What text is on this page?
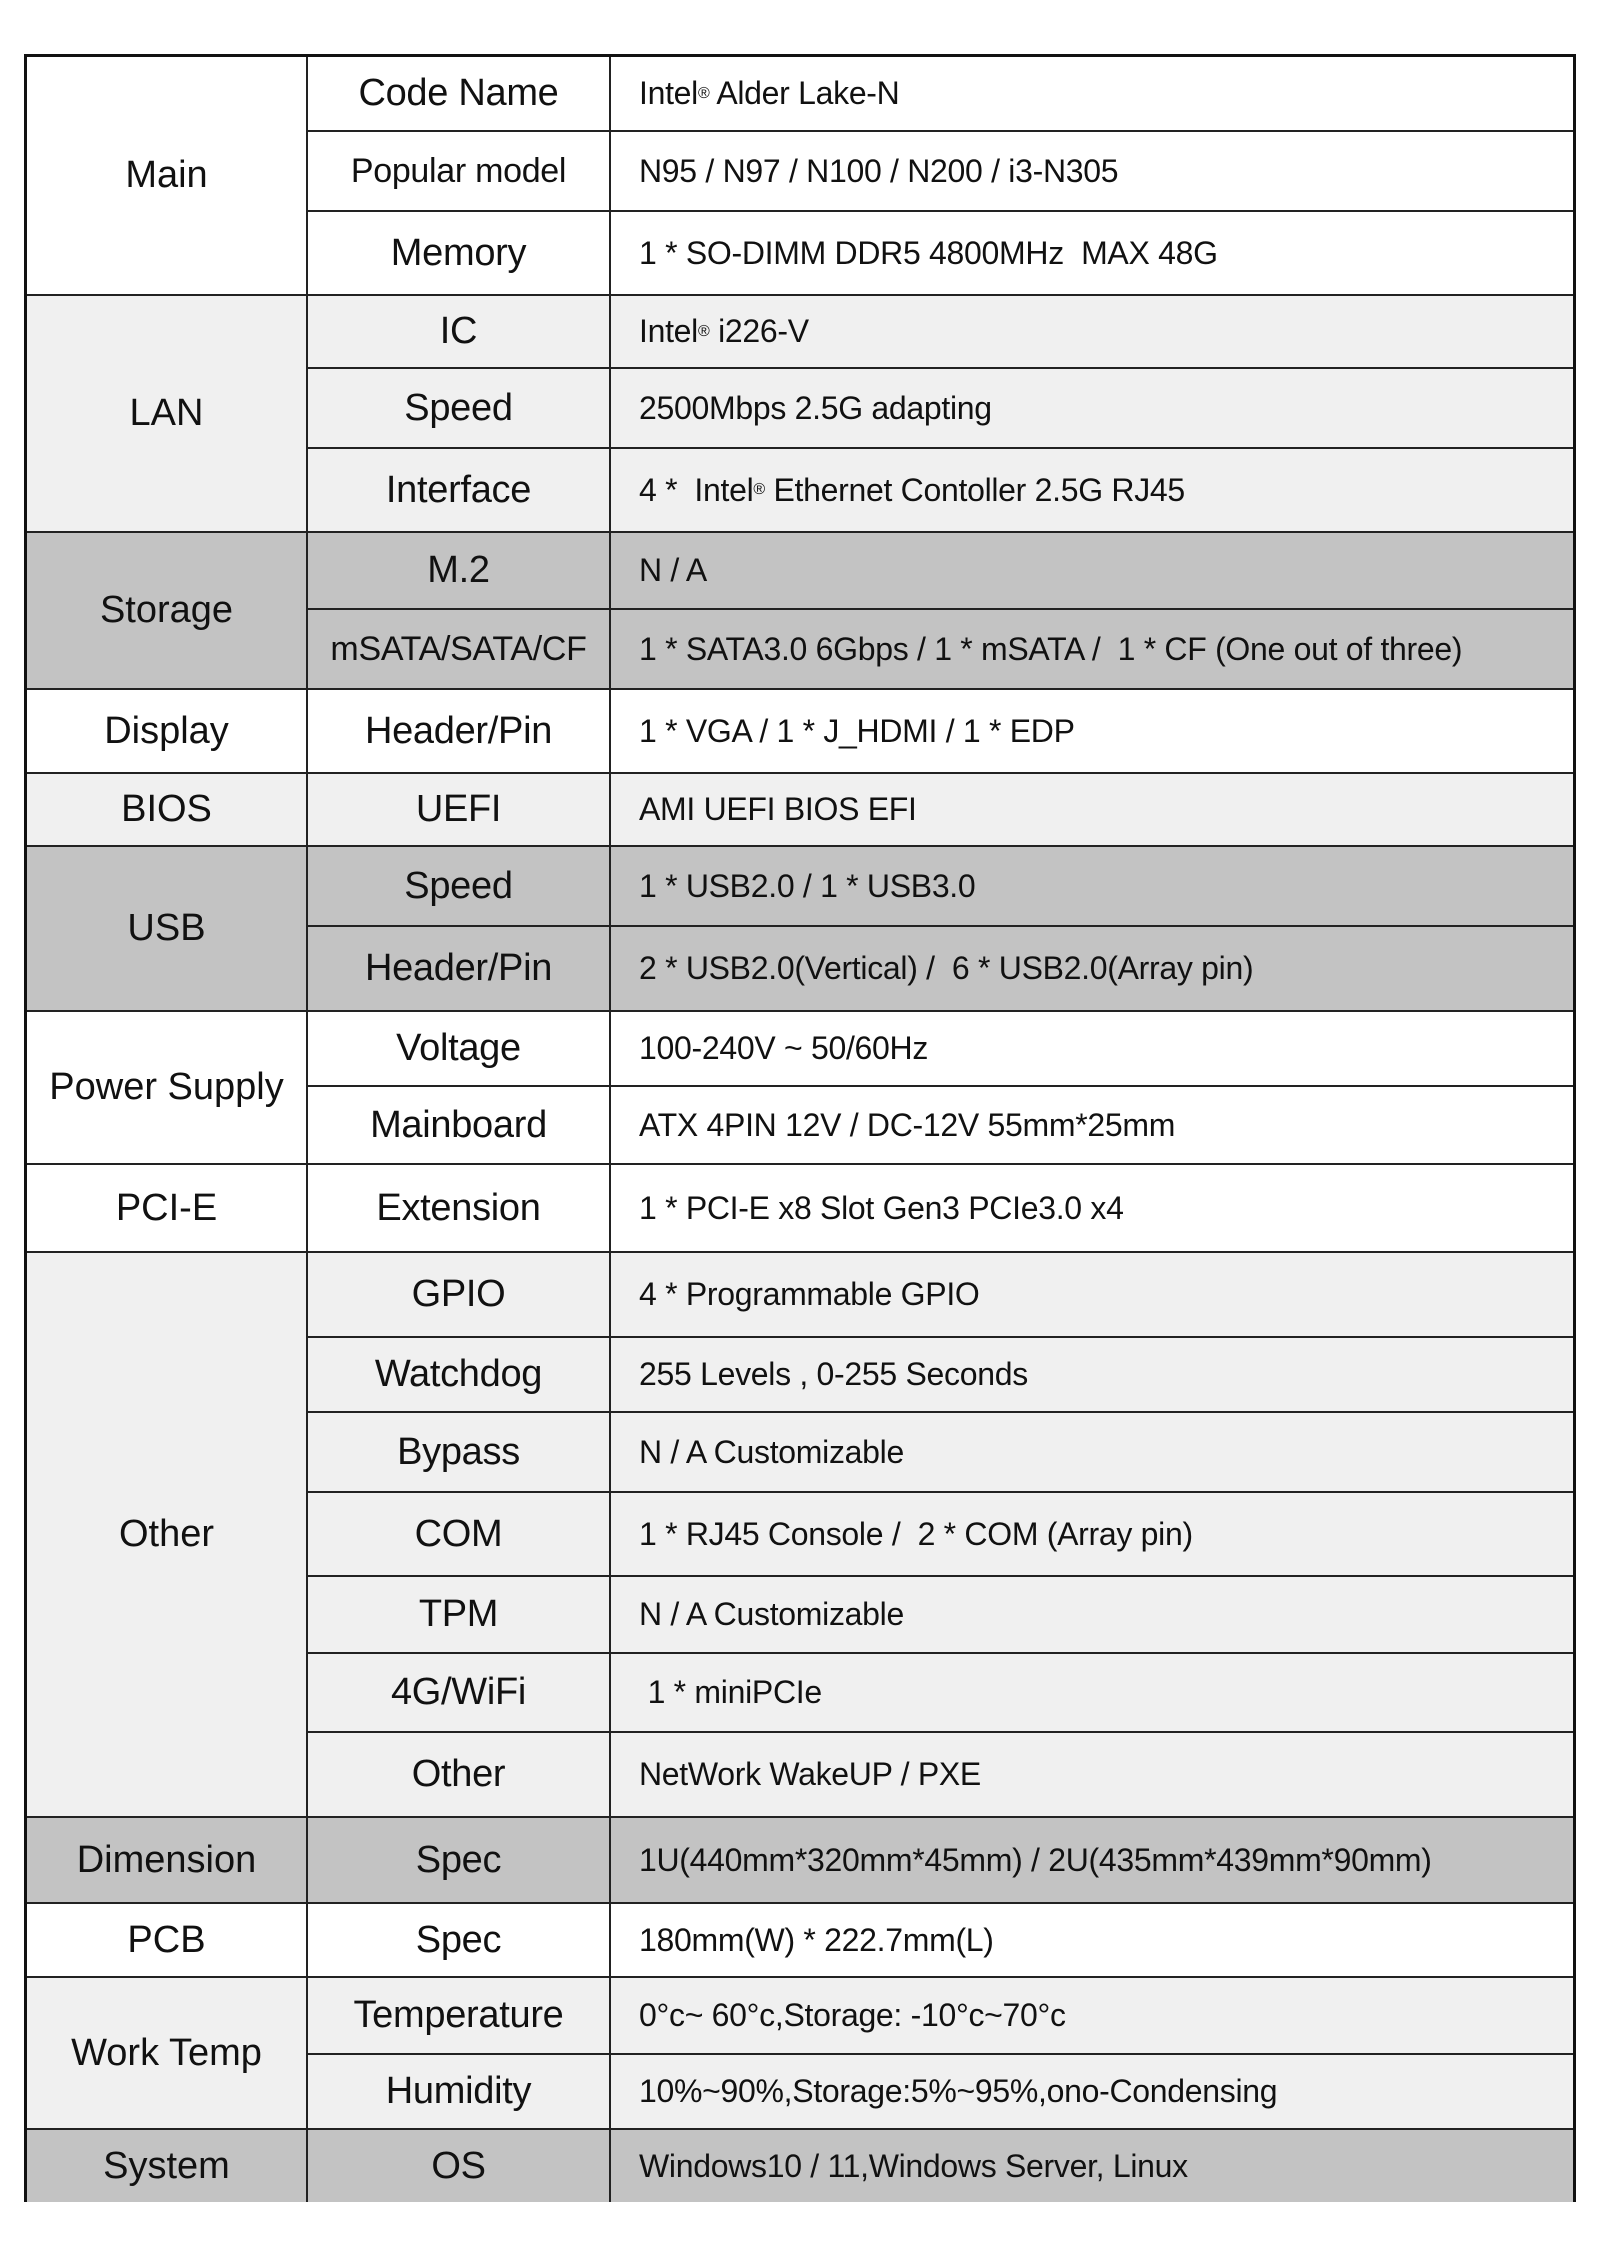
Main
Code Name	Intel ® Alder Lake-N
Popular model	N95 / N97 / N100 / N200 / i3-N305
Memory	1 * SO-DIMM DDR5 4800MHz  MAX 48G
LAN
IC	Intel ® i226-V
Speed	2500Mbps 2.5G adapting
Interface	4 *  Intel ® Ethernet Contoller 2.5G RJ45
Storage
M.2	N / A
mSATA/SATA/CF	1 * SATA3.0 6Gbps / 1 * mSATA /  1 * CF (One out of three)
Display	Header/Pin	1 * VGA / 1 * J_HDMI / 1 * EDP
BIOS	UEFI	AMI UEFI BIOS EFI
USB
Speed	1 * USB2.0 / 1 * USB3.0
Header/Pin	2 * USB2.0(Vertical) /  6 * USB2.0(Array pin)
Power Supply
Voltage	100-240V ~ 50/60Hz
Mainboard	ATX 4PIN 12V / DC-12V 55mm*25mm
PCI-E	Extension	1 * PCI-E x8 Slot Gen3 PCIe3.0 x4
Other
GPIO	4 * Programmable GPIO
Watchdog	255 Levels , 0-255 Seconds
Bypass	N / A Customizable
COM	1 * RJ45 Console /  2 * COM (Array pin)
TPM	N / A Customizable
4G/WiFi	1 * miniPCIe
Other	NetWork WakeUP / PXE
Dimension	Spec	1U(440mm*320mm*45mm) / 2U(435mm*439mm*90mm)
PCB	Spec	180mm(W) * 222.7mm(L)
Work Temp
Temperature	0°c~ 60°c,Storage: -10°c~70°c
Humidity	10%~90%,Storage:5%~95%,ono-Condensing
System	OS	Windows10 / 11,Windows Server, Linux
